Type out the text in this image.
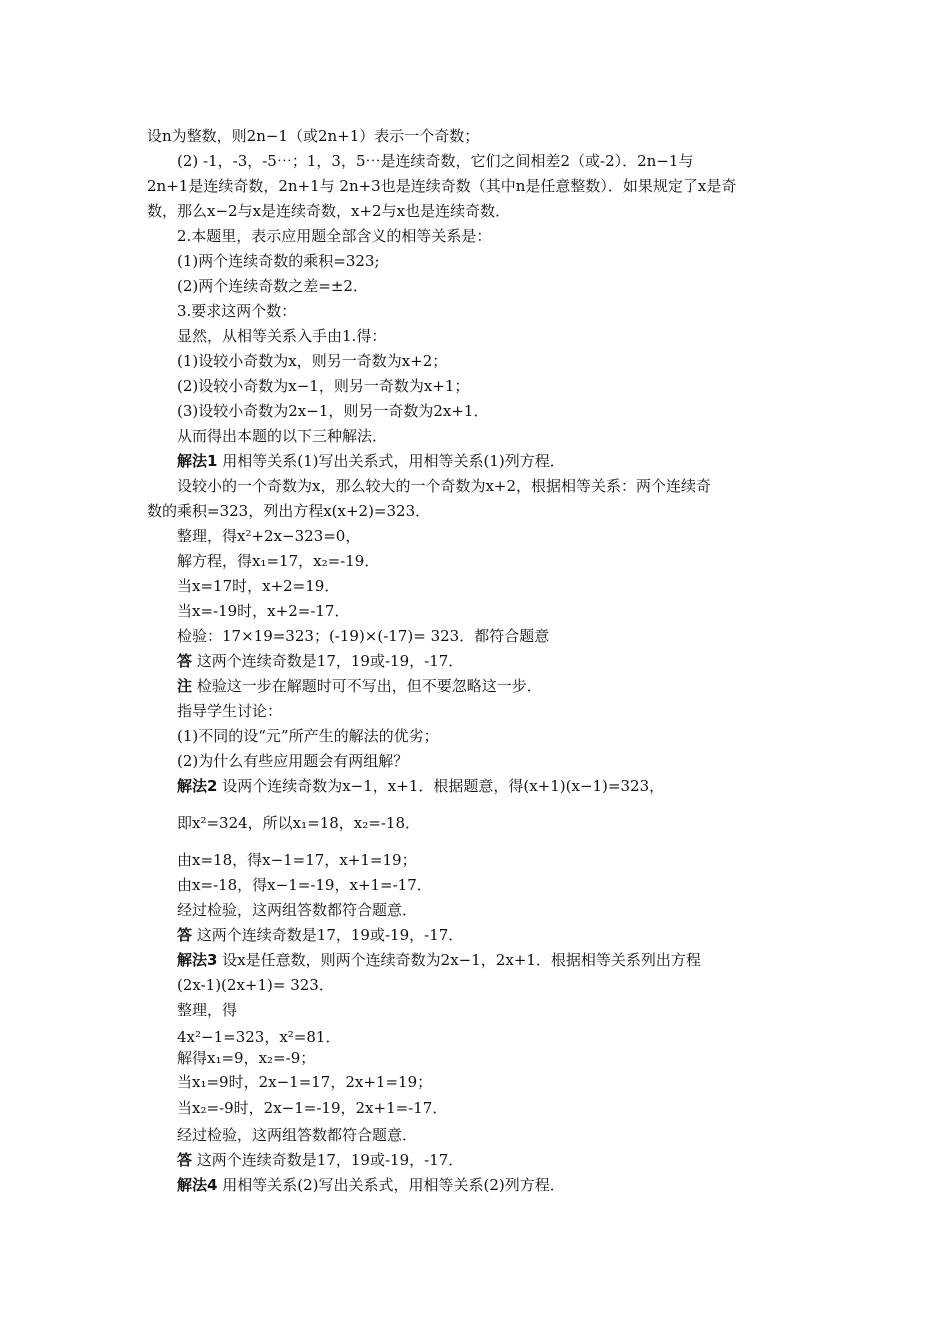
设n为整数，则2n−1（或2n+1）表示一个奇数；
(2) -1，-3，-5⋯；1，3，5⋯是连续奇数，它们之间相差2（或-2）．2n−1与
2n+1是连续奇数，2n+1与 2n+3也是连续奇数（其中n是任意整数）．如果规定了x是奇
数，那么x−2与x是连续奇数，x+2与x也是连续奇数．
2.本题里，表示应用题全部含义的相等关系是：
(1)两个连续奇数的乘积=323;
(2)两个连续奇数之差=±2．
3.要求这两个数：
显然，从相等关系入手由1.得：
(1)设较小奇数为x，则另一奇数为x+2；
(2)设较小奇数为x−1，则另一奇数为x+1；
(3)设较小奇数为2x−1，则另一奇数为2x+1．
从而得出本题的以下三种解法．
解法1 用相等关系(1)写出关系式，用相等关系(1)列方程．
设较小的一个奇数为x，那么较大的一个奇数为x+2，根据相等关系：两个连续奇
数的乘积=323，列出方程x(x+2)=323．
整理，得x²+2x−323=0，
解方程，得x₁=17，x₂=-19．
当x=17时，x+2=19．
当x=-19时，x+2=-17．
检验：17×19=323；(-19)×(-17)= 323．都符合题意
答 这两个连续奇数是17，19或-19，-17．
注 检验这一步在解题时可不写出，但不要忽略这一步．
指导学生讨论：
(1)不同的设“元”所产生的解法的优劣；
(2)为什么有些应用题会有两组解？
解法2 设两个连续奇数为x−1，x+1．根据题意，得(x+1)(x−1)=323，
即x²=324，所以x₁=18，x₂=-18．
由x=18，得x−1=17，x+1=19；
由x=-18，得x−1=-19，x+1=-17．
经过检验，这两组答数都符合题意．
答 这两个连续奇数是17，19或-19，-17．
解法3 设x是任意数，则两个连续奇数为2x−1，2x+1．根据相等关系列出方程
(2x-1)(2x+1)= 323．
整理，得
4x²−1=323，x²=81．
解得x₁=9，x₂=-9；
当x₁=9时，2x−1=17，2x+1=19；
当x₂=-9时，2x−1=-19，2x+1=-17．
经过检验，这两组答数都符合题意．
答 这两个连续奇数是17，19或-19，-17．
解法4 用相等关系(2)写出关系式，用相等关系(2)列方程．
